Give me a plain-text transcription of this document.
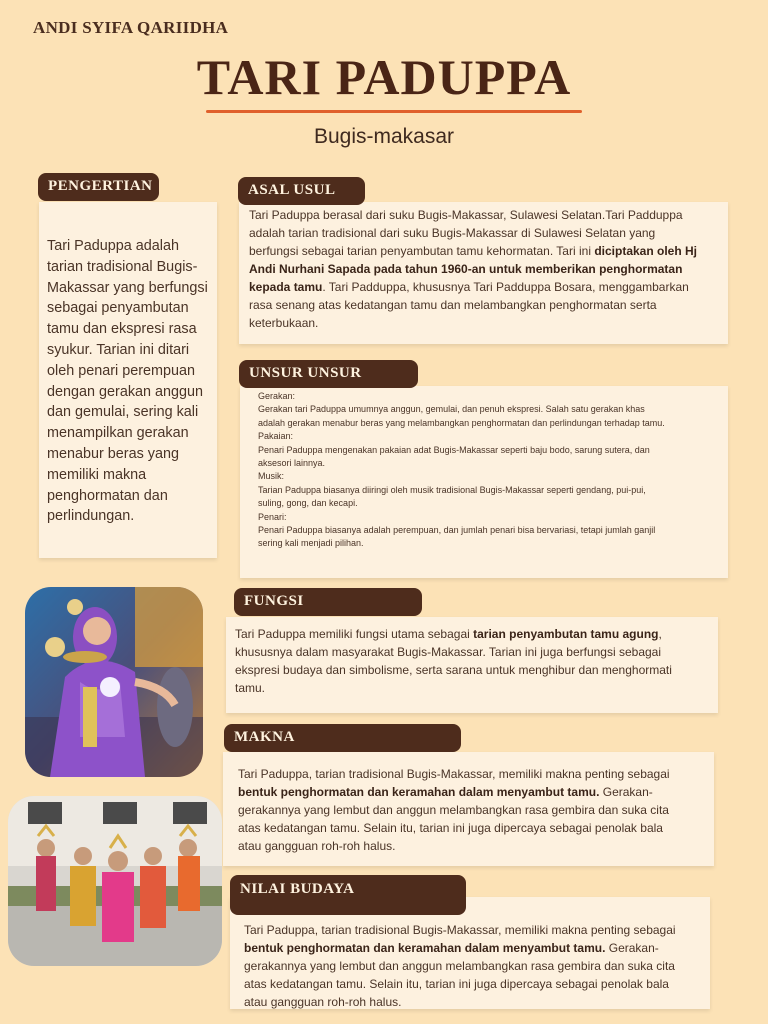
ANDI SYIFA QARIIDHA
TARI PADUPPA
Bugis-makasar

Tari Paduppa adalah tarian tradisional Bugis-Makassar yang berfungsi sebagai penyambutan tamu dan ekspresi rasa syukur. Tarian ini ditari oleh penari perempuan dengan gerakan anggun dan gemulai, sering kali menampilkan gerakan menabur beras yang memiliki makna penghormatan dan perlindungan.

PENGERTIAN

Tari Paduppa berasal dari suku Bugis-Makassar, Sulawesi Selatan.Tari Padduppa adalah tarian tradisional dari suku Bugis-Makassar di Sulawesi Selatan yang berfungsi sebagai tarian penyambutan tamu kehormatan. Tari ini diciptakan oleh Hj Andi Nurhani Sapada pada tahun 1960-an untuk memberikan penghormatan kepada tamu. Tari Padduppa, khususnya Tari Padduppa Bosara, menggambarkan rasa senang atas kedatangan tamu dan melambangkan penghormatan serta keterbukaan.

ASAL USUL
Gerakan:
Gerakan tari Paduppa umumnya anggun, gemulai, dan penuh ekspresi. Salah satu gerakan khas adalah gerakan menabur beras yang melambangkan penghormatan dan perlindungan terhadap tamu.
Pakaian:
Penari Paduppa mengenakan pakaian adat Bugis-Makassar seperti baju bodo, sarung sutera, dan aksesori lainnya.
Musik:
Tarian Paduppa biasanya diiringi oleh musik tradisional Bugis-Makassar seperti gendang, pui-pui, suling, gong, dan kecapi.
Penari:
Penari Paduppa biasanya adalah perempuan, dan jumlah penari bisa bervariasi, tetapi jumlah ganjil sering kali menjadi pilihan.
UNSUR UNSUR

Tari Paduppa memiliki fungsi utama sebagai tarian penyambutan tamu agung, khususnya dalam masyarakat Bugis-Makassar. Tarian ini juga berfungsi sebagai ekspresi budaya dan simbolisme, serta sarana untuk menghibur dan menghormati tamu.

FUNGSI

Tari Paduppa, tarian tradisional Bugis-Makassar, memiliki makna penting sebagai bentuk penghormatan dan keramahan dalam menyambut tamu. Gerakan-gerakannya yang lembut dan anggun melambangkan rasa gembira dan suka cita atas kedatangan tamu. Selain itu, tarian ini juga dipercaya sebagai penolak bala atau gangguan roh-roh halus.

MAKNA

Tari Paduppa, tarian tradisional Bugis-Makassar, memiliki makna penting sebagai bentuk penghormatan dan keramahan dalam menyambut tamu. Gerakan-gerakannya yang lembut dan anggun melambangkan rasa gembira dan suka cita atas kedatangan tamu. Selain itu, tarian ini juga dipercaya sebagai penolak bala atau gangguan roh-roh halus.

NILAI BUDAYA
